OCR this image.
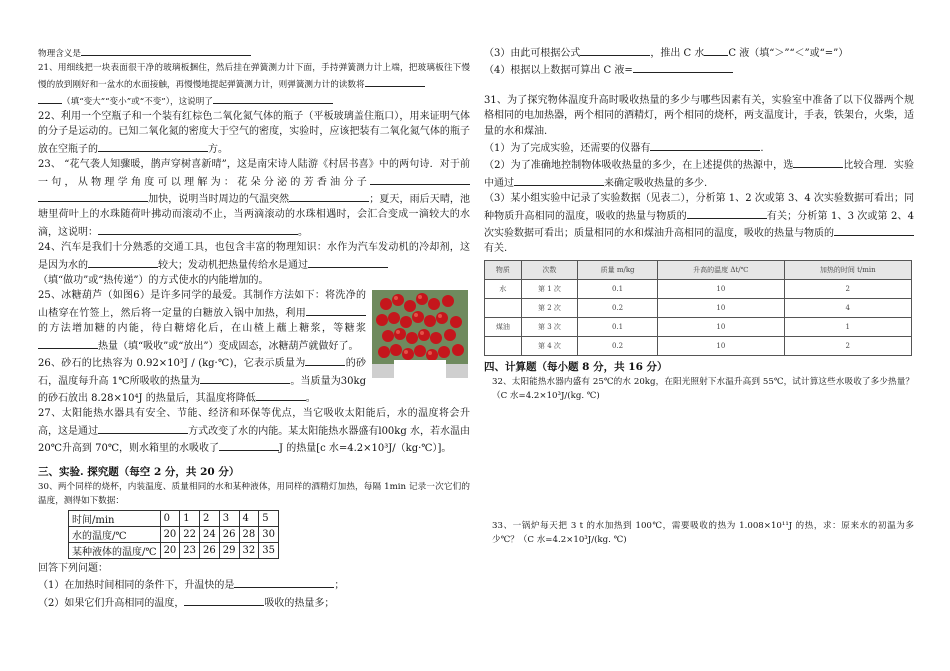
物理含义是

21、用细线把一块表面很干净的玻璃板捆住，然后挂在弹簧测力计下面，手持弹簧测力计上端，把玻璃板往下慢慢的放到刚好和一盆水的水面接触，再慢慢地提起弹簧测力计，则弹簧测力计的读数将
（填“变大”“变小”或“不变”），这说明了

22、利用一个空瓶子和一个装有红棕色二氧化氮气体的瓶子（平板玻璃盖住瓶口），用来证明气体的分子是运动的。已知二氧化氮的密度大于空气的密度，实验时，应该把装有二氧化氮气体的瓶子放在空瓶子的	方。

23、 “花气袭人知骤暖，鹊声穿树喜新晴”，这是南宋诗人陆游《村居书喜》中的两句诗．对于前一句，从物理学角度可以理解为：花朵分泌的芳香油分子加快，说明当时周边的气温突然	；夏天，雨后天晴，池塘里荷叶上的水珠随荷叶拂动而滚动不止，当两滴滚动的水珠相遇时，会汇合变成一滴较大的水滴，这说明：	。

24、汽车是我们十分熟悉的交通工具，也包含丰富的物理知识：水作为汽车发动机的冷却剂，这是因为水的	较大；发动机把热量传给水是通过
（填“做功”或“热传递”）的方式使水的内能增加的。

25、冰糖葫芦（如图6）是许多同学的最爱。其制作方法如下：将洗净的山楂穿在竹签上，然后将一定量的白糖放入锅中加热，利用的方法增加糖的内能，待白糖熔化后，在山楂上蘸上糖浆，等糖浆热量（填“吸收”或“放出”）变成固态，冰糖葫芦就做好了。

26、砂石的比热容为 0.92×10³J / (kg·℃)，它表示质量为	的砂石，温度每升高 1℃所吸收的热量为	。当质量为30kg 的砂石放出 8.28×10⁴J 的热量后，其温度将降低	。

27、太阳能热水器具有安全、节能、经济和环保等优点，当它吸收太阳能后，水的温度将会升高，这是通过	方式改变了水的内能。某太阳能热水器盛有l00kg 水，若水温由 20℃升高到 70℃，则水箱里的水吸收了	J 的热量[c 水=4.2×10³J/（kg·℃）]。

三、实验. 探究题（每空 2 分，共 20 分）

30、两个同样的烧杯，内装温度、质量相同的水和某种液体，用同样的酒精灯加热，每隔 1min 记录一次它们的温度，测得如下数据：

时间/min	0	1	2	3	4	5
水的温度/℃	20	22	24	26	28	30
某种液体的温度/℃	20	23	26	29	32	35

回答下列问题：

（1）在加热时间相同的条件下，升温快的是	；

（2）如果它们升高相同的温度，	吸收的热量多；

（3）由此可根据公式	，推出 C 水 C 液（填“＞”“＜”或“=”）

（4）根据以上数据可算出 C 液=

31、为了探究物体温度升高时吸收热量的多少与哪些因素有关，实验室中准备了以下仪器两个规格相同的电加热器，两个相同的酒精灯，两个相同的烧杯，两支温度计，手表，铁架台，火柴，适量的水和煤油.

（1）为了完成实验，还需要的仪器有	.

（2）为了准确地控制物体吸收热量的多少，在上述提供的热源中，选	比较合理．实验中通过	来确定吸收热量的多少.

（3）某小组实验中记录了实验数据（见表二），分析第 1、2 次或第 3、4 次实验数据可看出；同种物质升高相同的温度，吸收的热量与物质的	有关；分析第 1、3 次或第 2、4 次实验数据可看出；质量相同的水和煤油升高相同的温度，吸收的热量与物质的有关.

物质	次数	质量 m/kg	升高的温度 Δt/℃	加热的时间 t/min
水	第 1 次	0.1	10	2
	第 2 次	0.2	10	4
煤油	第 3 次	0.1	10	1
	第 4 次	0.2	10	2

四、计算题（每小题 8 分，共 16 分）

32、太阳能热水器内盛有 25℃的水 20kg，在阳光照射下水温升高到 55℃，试计算这些水吸收了多少热量？（C 水=4.2×10³J/(kg. ℃)

33、一锅炉每天把 3 t 的水加热到 100℃，需要吸收的热为 1.008×10¹¹J 的热，求：原来水的初温为多少℃？（C 水=4.2×10³J/(kg. ℃)
